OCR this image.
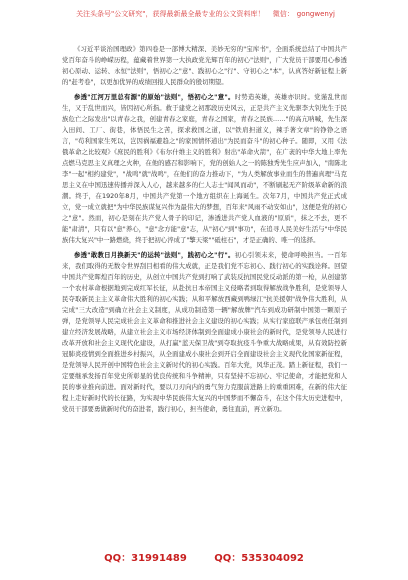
关注头条号"公文研究"，获得最新最全最专业的公文资料库！ 微信： gongwenyj

《习近平谈治国理政》第四卷是一部博大精深、美妙无穷的"宝库书"，全面系统总结了中国共产党百年奋斗的峥嵘历程，蕴藏着世界第一大执政党光辉百年的初心"法则"，广大党员干部要用心参透初心原动、运转、永恒"法则"，悟初心之"意"、践初心之"行"、守初心之"本"，认真答好新征程上新的"赶考卷"，以更加优异的成绩回报人民群众的殷切期望。

参透"江河万里总有源"的原始"法则"，悟初心之"意"。时势造英雄，英雄亦识时。党谨乱世而生，又于乱世而兴，皆因初心所指。救于建党之初那段历史风云，正是共产主义先驱李大钊先生于民族危亡之际发出"以青春之我，创建青春之家庭，青春之国家，青春之民族……"的高亢呐喊，先生深入田间、工厂、街巷，体悟民生之苦，探求救国之道，以"铁肩担道义，辣手著文章"的铮铮之语言，"苟利国家生死以，岂因祸福避趋之"的家国情怀道出"为民而奋斗"的初心种子。随即，又用《法俄革命之比较观》《庶民的胜利》《布尔什维主义的胜利》射出"革命火箭"，在广袤的中华大地上率先点燃马克思主义真理之火种，在他的感召和影响下，党的创始人之一的陈独秀先生应声加入，"南陈北李"一起"相约建党"，"战鸣"就"战鸣"，在他们的奋力推动下，"为人类解放事业而生的普遍真理"马克思主义在中国迅速传播并深入人心，越来越多的仁人志士"闻风而动"，不断刷起无产阶级革命新的浪潮。终于，在1920年8月，中国共产党第一个地方组织在上海诞生。次年7月，中国共产党正式成立，党一成立就把"为中华民族谋复兴作为最伟大的梦想，百年来"风雨不动安如山"，这便是党的初心之"意"。然而，初心是刻在共产党人骨子的印记，渗透进共产党人血液的"原质"，抹之不去，更不能"肃清"，只有以"意"养心，"意"念方能"意"志，从"初心"到"事功"，在追寻人民美好生活与"中华民族伟大复兴"中一路燃烧，终于把初心淬成了"擎天梁""砥柱石"，才是正确的、唯一的选择。

参透"敢教日月换新天"的运转"法则"，践初心之"行"。初心引领未来，使命呼唤担当。一百年来，我们取得的无数令世界刮目相看的伟大成就，正是我们党不忘初心、践行初心的实践诠释。回望中国共产党晖煌百年的历史，从创立中国共产党到打响了武装反抗国民党反动派的第一枪，从创建第一个农村革命根据地到完成红军长征，从赴抗日本帝国主义侵略者到取得解放战争胜利，是党领导人民夺取新民主主义革命伟大胜利的初心实践；从和平解放西藏到鸭绿江"抗美援朝"战争伟大胜利，从完成"三大改造"到确立社会主义制度，从成功制造第一辆"解放牌"汽车到成功研制中国第一颗原子弹，是党领导人民完成社会主义革命和推进社会主义建设的初心实践；从实行家庭联产承包责任制到建立经济发展战略，从建立社会主义市场经济体制到全面建成小康社会的新时代，是党领导人民进行改革开放和社会主义现代化建设，从打赢"蓝天保卫战"到夺取抗疫斗争重大战略成果，从有效防控新冠肺炎疫情到全面推进乡村振兴，从全面建成小康社会到开启全面建设社会主义现代化国家新征程，是党领导人民开创中国特色社会主义新时代的初心实践。百年大党，风华正茂。踏上新征程，我们一定要继承发扬百年党史所彰显的优良传统和斗争精神，只有坚持不忘初心、牢记使命，才能把党和人民的事业推向前进。面对新时代，要以刀刃向内的勇气努力克服前进路上的重重困难，在新的伟大征程上走好新时代的长征路，为实现中华民族伟大复兴的中国梦而不懈奋斗，在这个伟大历史进程中，党员干部要勇做新时代的奋进者，践行初心，担当使命，勇往直前，再立新功。

QQ：31991489	QQ：535304092
